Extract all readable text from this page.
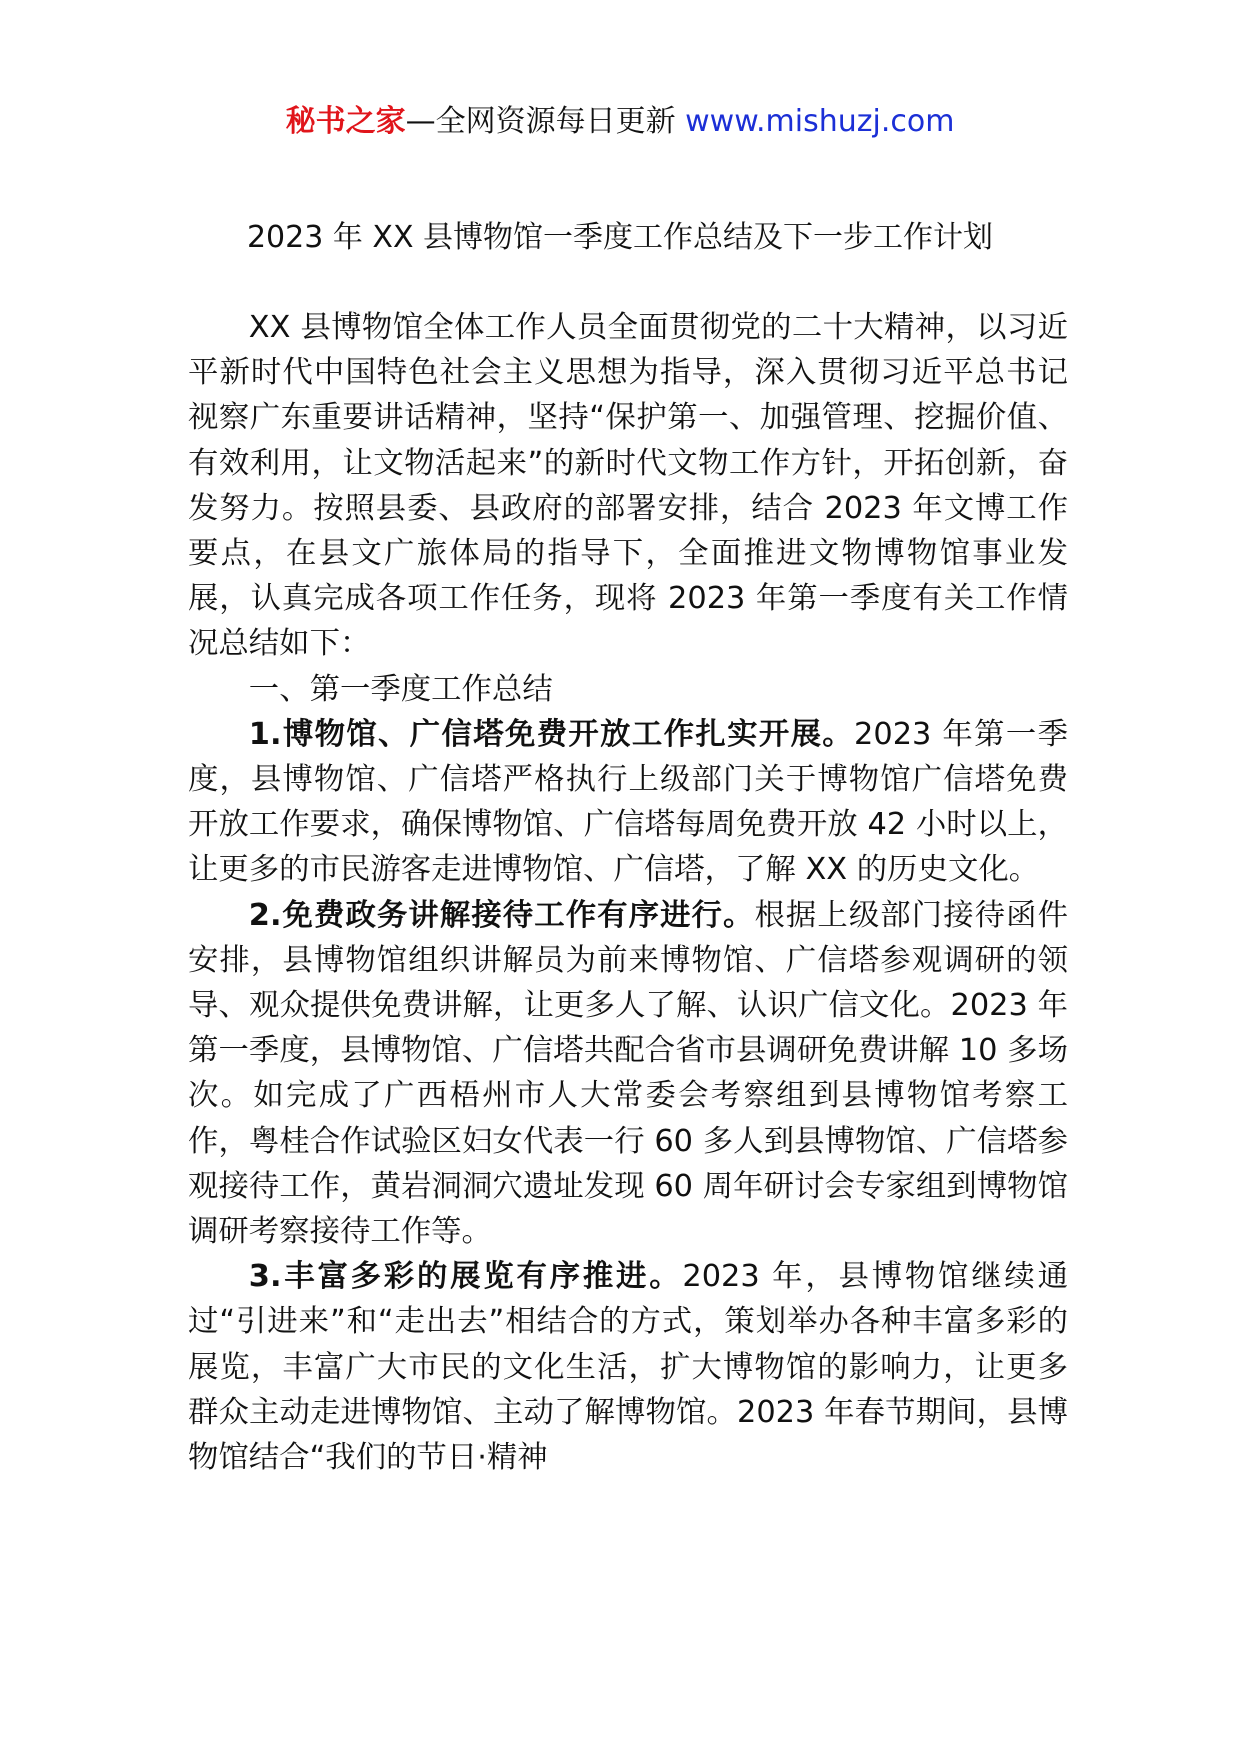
秘书之家—全网资源每日更新 www.mishuzj.com
2023 年 XX 县博物馆一季度工作总结及下一步工作计划

XX 县博物馆全体工作人员全面贯彻党的二十大精神，以习近平新时代中国特色社会主义思想为指导，深入贯彻习近平总书记视察广东重要讲话精神，坚持“保护第一、加强管理、挖掘价值、有效利用，让文物活起来”的新时代文物工作方针，开拓创新，奋发努力。按照县委、县政府的部署安排，结合 2023 年文博工作要点，在县文广旅体局的指导下，全面推进文物博物馆事业发展，认真完成各项工作任务，现将 2023 年第一季度有关工作情况总结如下：

一、第一季度工作总结

1.博物馆、广信塔免费开放工作扎实开展。2023 年第一季度，县博物馆、广信塔严格执行上级部门关于博物馆广信塔免费开放工作要求，确保博物馆、广信塔每周免费开放 42 小时以上，让更多的市民游客走进博物馆、广信塔，了解 XX 的历史文化。

2.免费政务讲解接待工作有序进行。根据上级部门接待函件安排，县博物馆组织讲解员为前来博物馆、广信塔参观调研的领导、观众提供免费讲解，让更多人了解、认识广信文化。2023 年第一季度，县博物馆、广信塔共配合省市县调研免费讲解 10 多场次。如完成了广西梧州市人大常委会考察组到县博物馆考察工作，粤桂合作试验区妇女代表一行 60 多人到县博物馆、广信塔参观接待工作，黄岩洞洞穴遗址发现 60 周年研讨会专家组到博物馆调研考察接待工作等。

3.丰富多彩的展览有序推进。2023 年，县博物馆继续通过“引进来”和“走出去”相结合的方式，策划举办各种丰富多彩的展览，丰富广大市民的文化生活，扩大博物馆的影响力，让更多群众主动走进博物馆、主动了解博物馆。2023 年春节期间，县博物馆结合“我们的节日·精神
